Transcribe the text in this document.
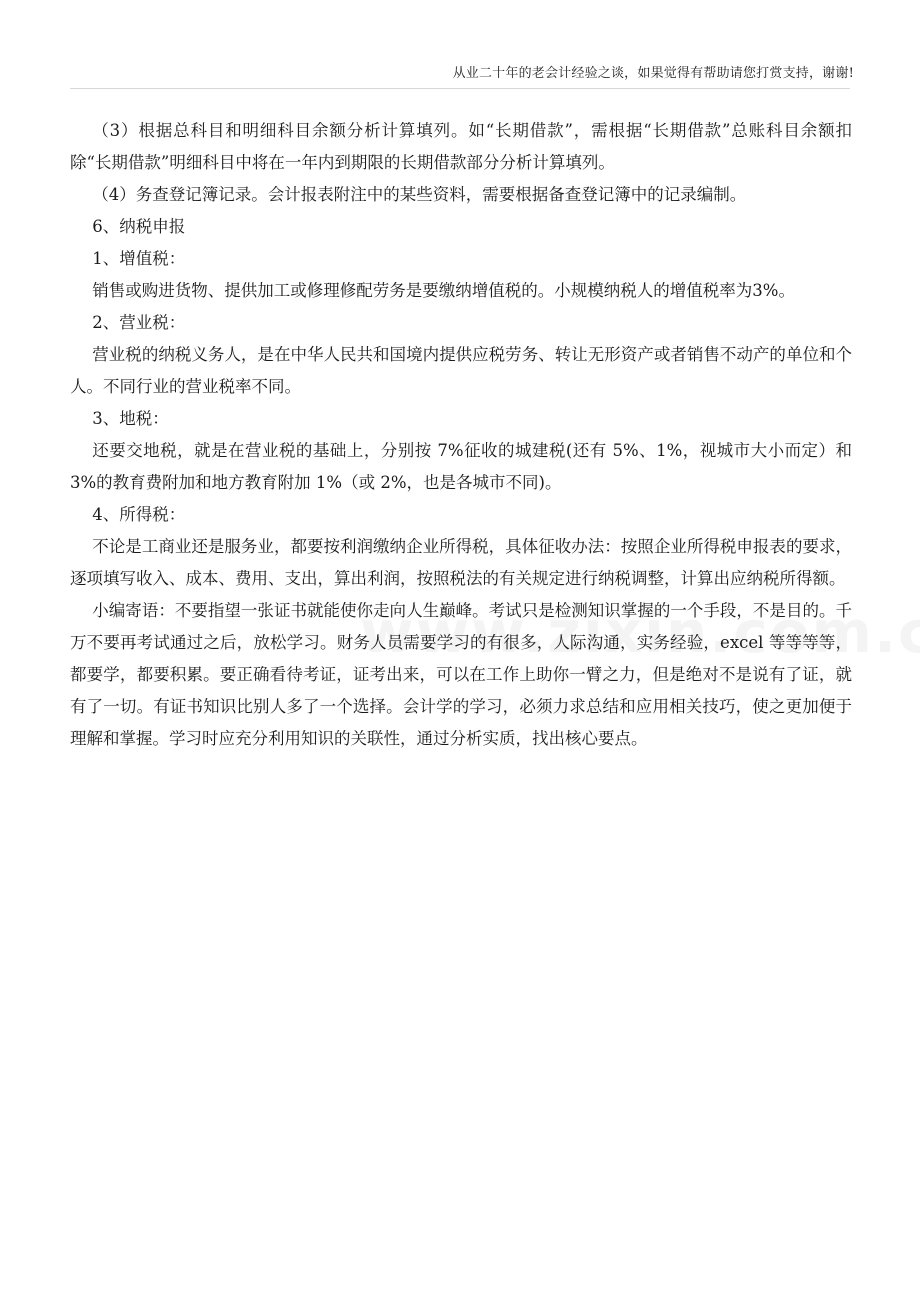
从业二十年的老会计经验之谈，如果觉得有帮助请您打赏支持，谢谢!

（3）根据总科目和明细科目余额分析计算填列。如“长期借款”，需根据“长期借款”总账科目余额扣除“长期借款”明细科目中将在一年内到期限的长期借款部分分析计算填列。

（4）务查登记簿记录。会计报表附注中的某些资料，需要根据备查登记簿中的记录编制。

6、纳税申报

1、增值税：

销售或购进货物、提供加工或修理修配劳务是要缴纳增值税的。小规模纳税人的增值税率为3%。

2、营业税：

营业税的纳税义务人，是在中华人民共和国境内提供应税劳务、转让无形资产或者销售不动产的单位和个人。不同行业的营业税率不同。

3、地税：

还要交地税，就是在营业税的基础上，分别按 7%征收的城建税(还有 5%、1%，视城市大小而定）和 3%的教育费附加和地方教育附加 1%（或 2%，也是各城市不同)。

4、所得税：

不论是工商业还是服务业，都要按利润缴纳企业所得税，具体征收办法：按照企业所得税申报表的要求，逐项填写收入、成本、费用、支出，算出利润，按照税法的有关规定进行纳税调整，计算出应纳税所得额。

小编寄语：不要指望一张证书就能使你走向人生巅峰。考试只是检测知识掌握的一个手段，不是目的。千万不要再考试通过之后，放松学习。财务人员需要学习的有很多，人际沟通，实务经验，excel 等等等等，都要学，都要积累。要正确看待考证，证考出来，可以在工作上助你一臂之力，但是绝对不是说有了证，就有了一切。有证书知识比别人多了一个选择。会计学的学习，必须力求总结和应用相关技巧，使之更加便于理解和掌握。学习时应充分利用知识的关联性，通过分析实质，找出核心要点。
